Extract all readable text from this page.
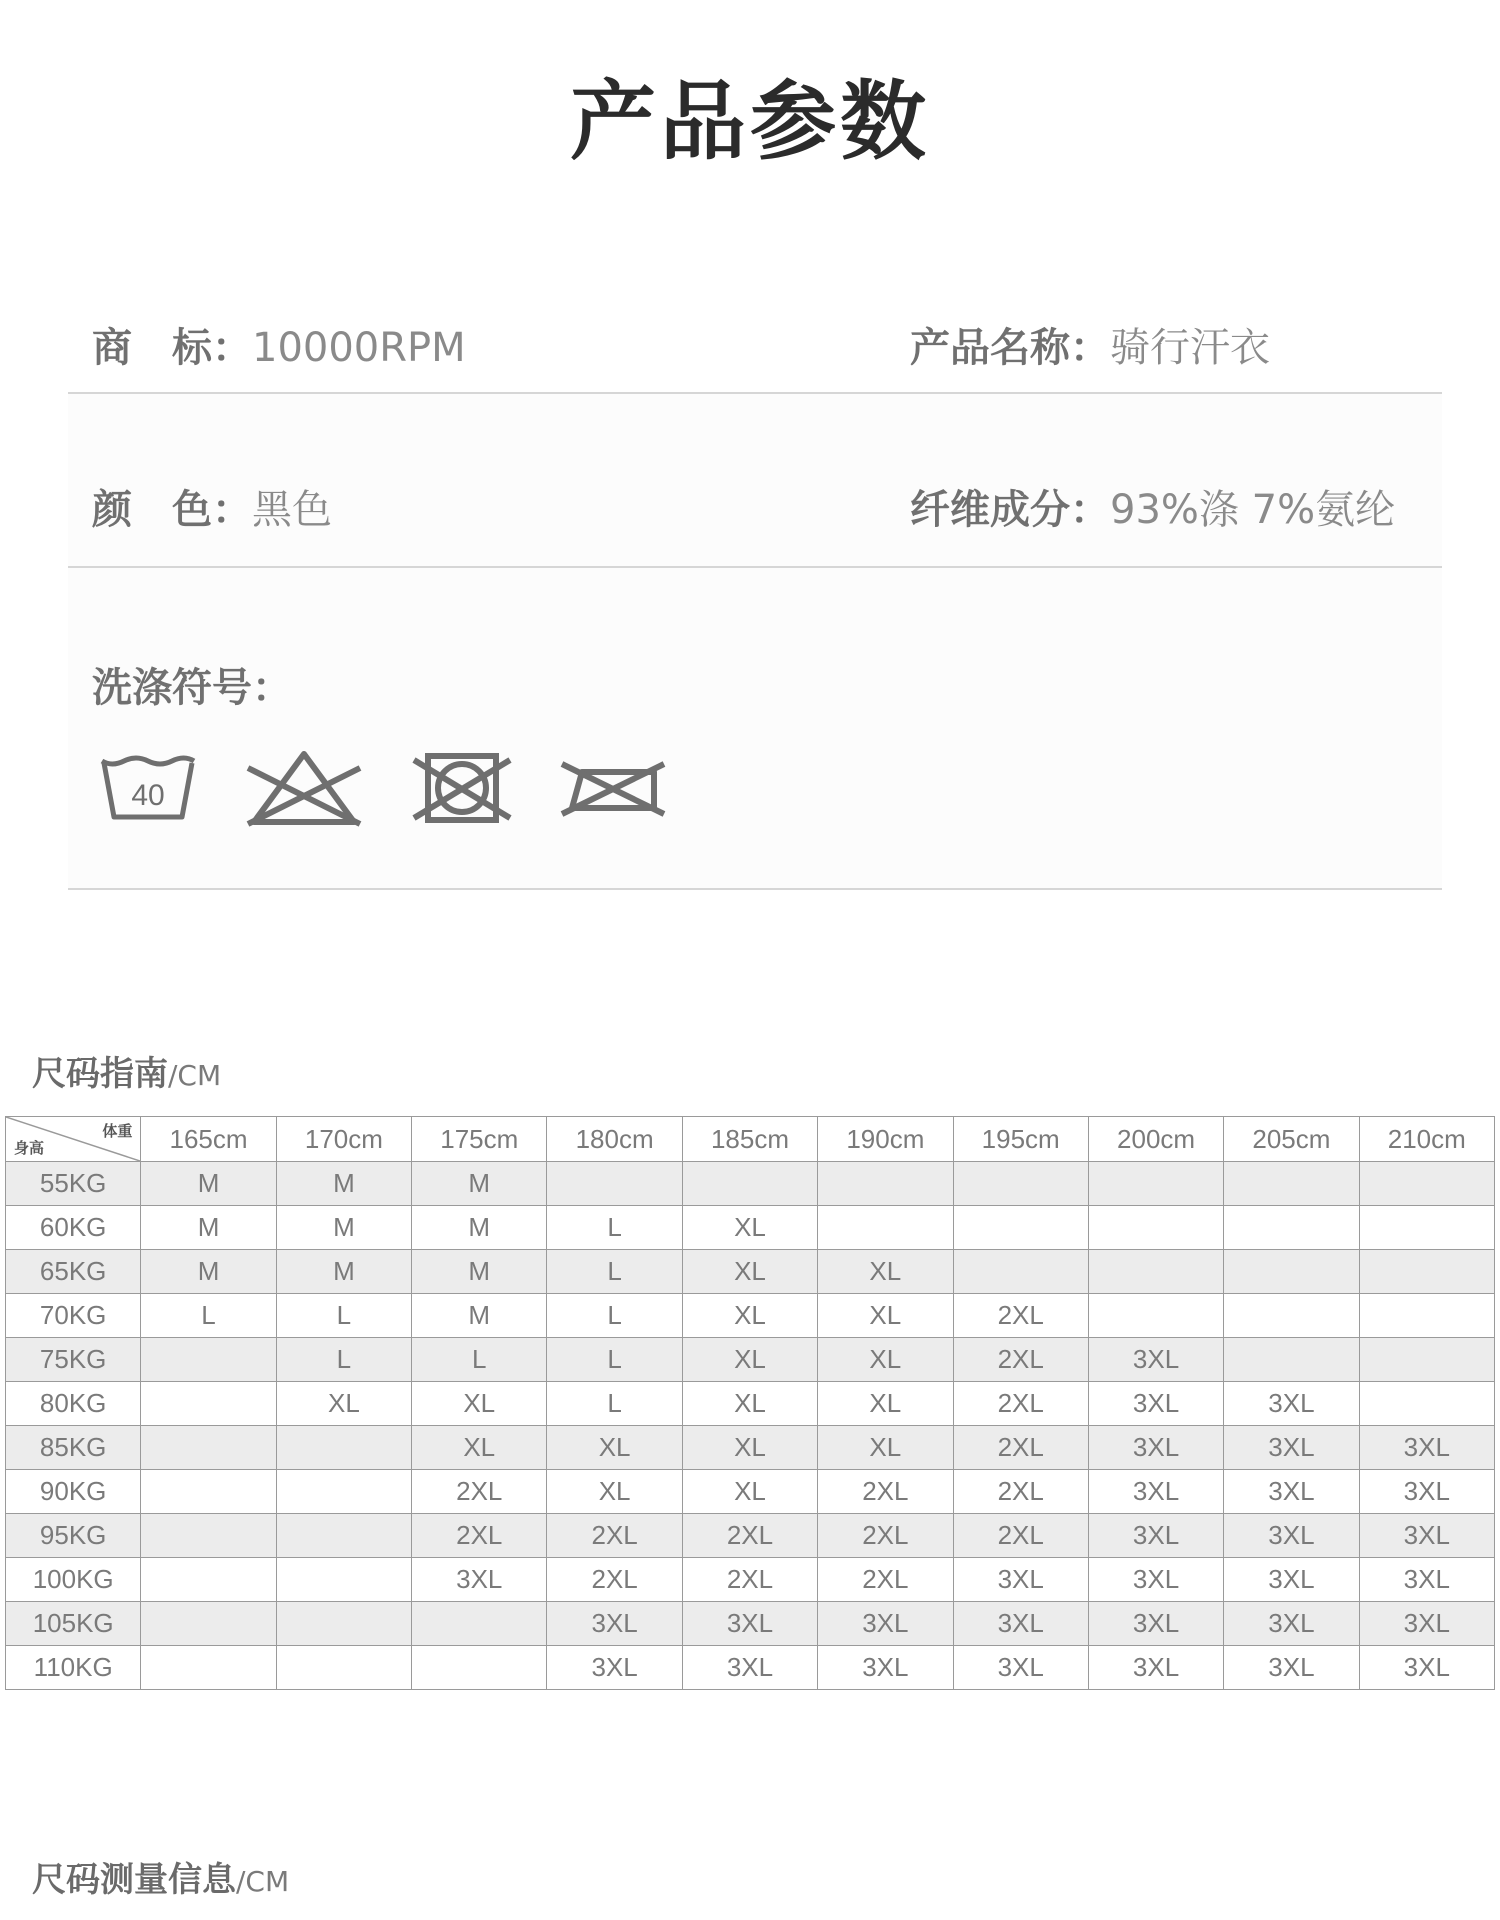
产品参数
商　标：10000RPM	产品名称：骑行汗衣
颜　色：黑色	纤维成分：93%涤 7%氨纶
洗涤符号：
40
尺码指南/CM
体重
身高	165cm	170cm	175cm	180cm	185cm	190cm	195cm	200cm	205cm	210cm
55KG	M	M	M							
60KG	M	M	M	L	XL					
65KG	M	M	M	L	XL	XL				
70KG	L	L	M	L	XL	XL	2XL			
75KG		L	L	L	XL	XL	2XL	3XL		
80KG		XL	XL	L	XL	XL	2XL	3XL	3XL	
85KG			XL	XL	XL	XL	2XL	3XL	3XL	3XL
90KG			2XL	XL	XL	2XL	2XL	3XL	3XL	3XL
95KG			2XL	2XL	2XL	2XL	2XL	3XL	3XL	3XL
100KG			3XL	2XL	2XL	2XL	3XL	3XL	3XL	3XL
105KG				3XL	3XL	3XL	3XL	3XL	3XL	3XL
110KG				3XL	3XL	3XL	3XL	3XL	3XL	3XL
尺码测量信息/CM
